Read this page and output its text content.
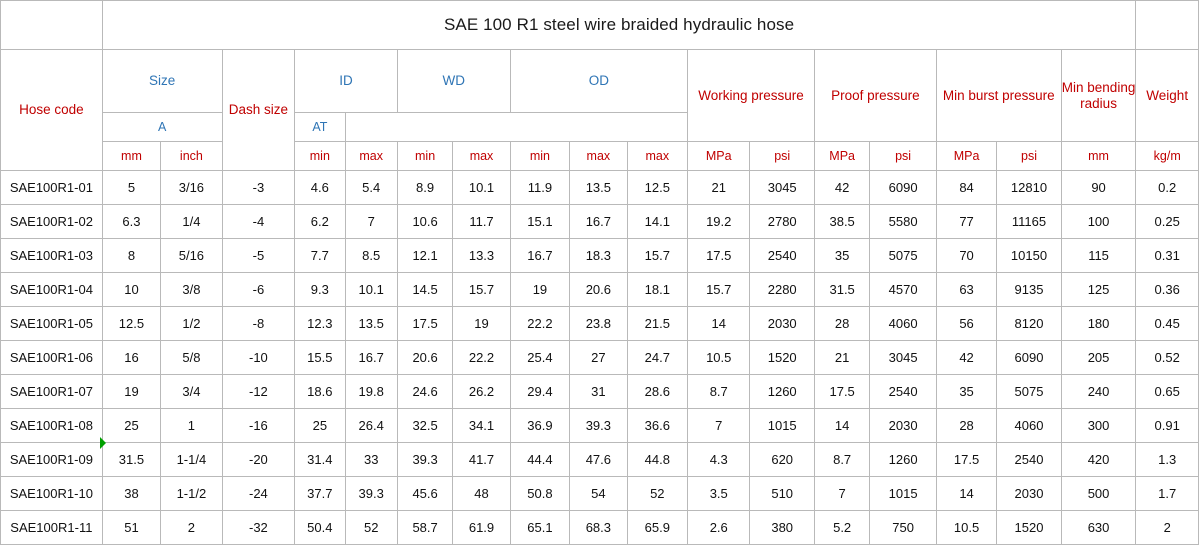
	SAE 100 R1 steel wire braided hydraulic hose																	
Hose code	Size		Dash size	ID		WD		OD			Working pressure		Proof pressure		Min burst pressure		Min bending radius	Weight
	A			AT														
	mm	inch		min	max	min	max	min	max	max	MPa	psi	MPa	psi	MPa	psi	mm	kg/m
SAE100R1-01	5	3/16	-3	4.6	5.4	8.9	10.1	11.9	13.5	12.5	21	3045	42	6090	84	12810	90	0.2
SAE100R1-02	6.3	1/4	-4	6.2	7	10.6	11.7	15.1	16.7	14.1	19.2	2780	38.5	5580	77	11165	100	0.25
SAE100R1-03	8	5/16	-5	7.7	8.5	12.1	13.3	16.7	18.3	15.7	17.5	2540	35	5075	70	10150	115	0.31
SAE100R1-04	10	3/8	-6	9.3	10.1	14.5	15.7	19	20.6	18.1	15.7	2280	31.5	4570	63	9135	125	0.36
SAE100R1-05	12.5	1/2	-8	12.3	13.5	17.5	19	22.2	23.8	21.5	14	2030	28	4060	56	8120	180	0.45
SAE100R1-06	16	5/8	-10	15.5	16.7	20.6	22.2	25.4	27	24.7	10.5	1520	21	3045	42	6090	205	0.52
SAE100R1-07	19	3/4	-12	18.6	19.8	24.6	26.2	29.4	31	28.6	8.7	1260	17.5	2540	35	5075	240	0.65
SAE100R1-08	25	1	-16	25	26.4	32.5	34.1	36.9	39.3	36.6	7	1015	14	2030	28	4060	300	0.91
SAE100R1-09	31.5	1-1/4	-20	31.4	33	39.3	41.7	44.4	47.6	44.8	4.3	620	8.7	1260	17.5	2540	420	1.3
SAE100R1-10	38	1-1/2	-24	37.7	39.3	45.6	48	50.8	54	52	3.5	510	7	1015	14	2030	500	1.7
SAE100R1-11	51	2	-32	50.4	52	58.7	61.9	65.1	68.3	65.9	2.6	380	5.2	750	10.5	1520	630	2
